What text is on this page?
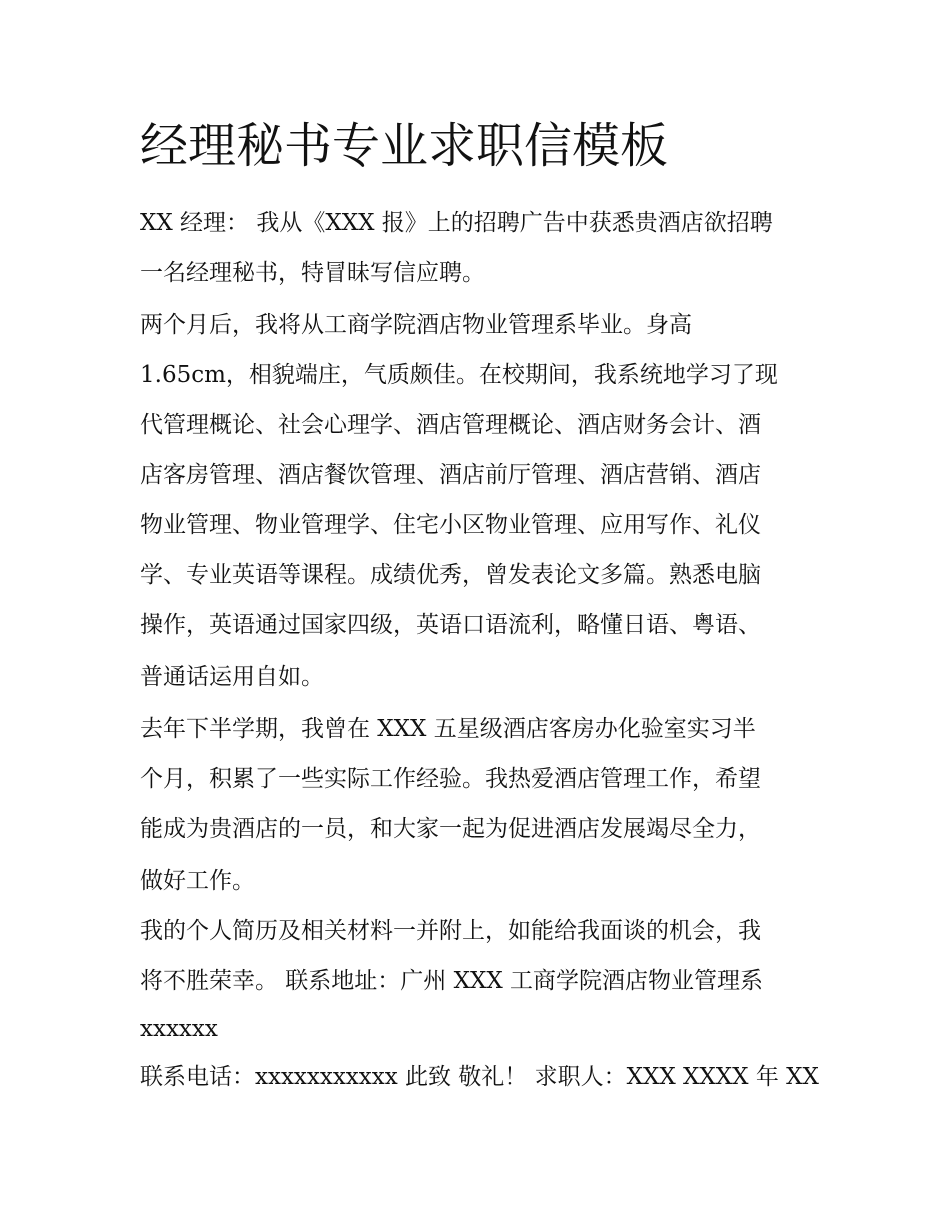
经理秘书专业求职信模板

XX 经理： 我从《XXX 报》上的招聘广告中获悉贵酒店欲招聘

一名经理秘书，特冒昧写信应聘。

两个月后，我将从工商学院酒店物业管理系毕业。身高

1.65cm，相貌端庄，气质颇佳。在校期间，我系统地学习了现

代管理概论、社会心理学、酒店管理概论、酒店财务会计、酒

店客房管理、酒店餐饮管理、酒店前厅管理、酒店营销、酒店

物业管理、物业管理学、住宅小区物业管理、应用写作、礼仪

学、专业英语等课程。成绩优秀，曾发表论文多篇。熟悉电脑

操作，英语通过国家四级，英语口语流利，略懂日语、粤语、

普通话运用自如。

去年下半学期，我曾在 XXX 五星级酒店客房办化验室实习半

个月，积累了一些实际工作经验。我热爱酒店管理工作，希望

能成为贵酒店的一员，和大家一起为促进酒店发展竭尽全力，

做好工作。

我的个人简历及相关材料一并附上，如能给我面谈的机会，我

将不胜荣幸。 联系地址：广州 XXX 工商学院酒店物业管理系

xxxxxx

联系电话：xxxxxxxxxxx 此致 敬礼！ 求职人：XXX XXXX 年 XX
